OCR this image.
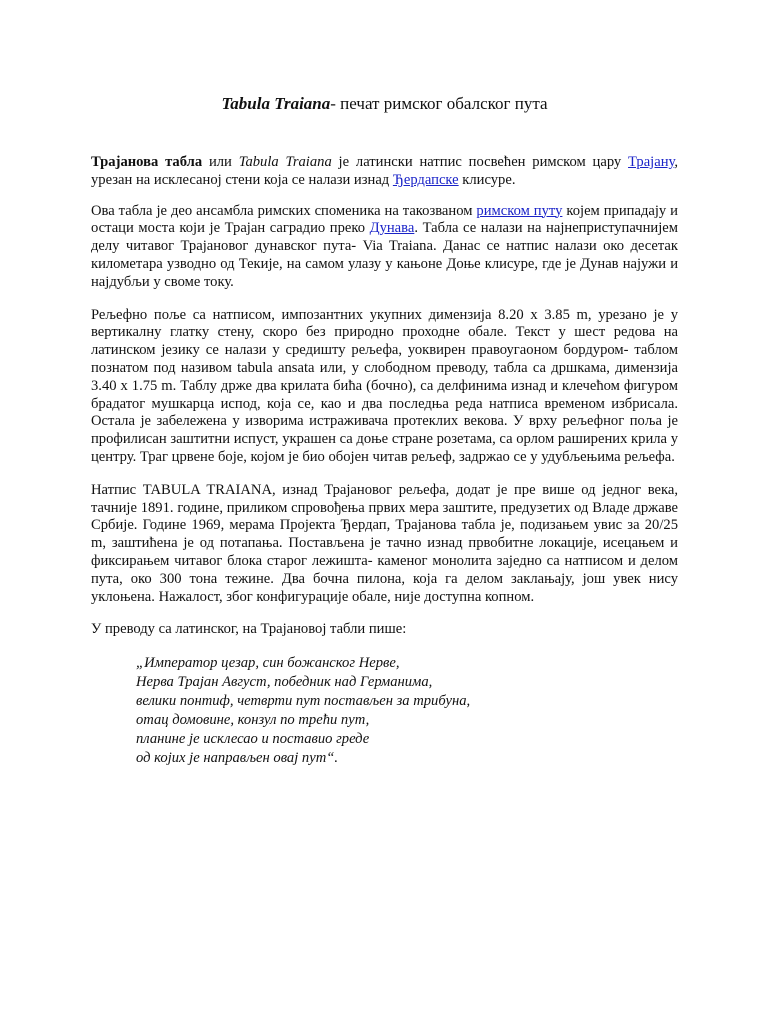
Tabula Traiana- печат римског обалског пута

Трајанова табла или Tabula Traiana је латински натпис посвећен римском цару Трајану, урезан на исклесаној стени која се налази изнад Ђердапске клисуре.

Ова табла је део ансамбла римских споменика на такозваном римском путу којем припадају и остаци моста који је Трајан саградио преко Дунава. Табла се налази на најнеприступачнијем делу читавог Трајановог дунавског пута- Via Traiana. Данас се натпис налази око десетак километара узводно од Текије, на самом улазу у кањоне Доње клисуре, где је Дунав најужи и најдубљи у своме току.

Рељефно поље са натписом, импозантних укупних димензија 8.20 x 3.85 m, урезано је у вертикалну глатку стену, скоро без природно проходне обале. Текст у шест редова на латинском језику се налази у средишту рељефа, уоквирен правоугаоном бордуром- таблом познатом под називом tabula ansata или, у слободном преводу, табла са дршкама, димензија 3.40 x 1.75 m. Таблу држе два крилата бића (бочно), са делфинима изнад и клечећом фигуром брадатог мушкарца испод, која се, као и два последња реда натписа временом избрисала. Остала је забележена у изворима истраживача протеклих векова. У врху рељефног поља је профилисан заштитни испуст, украшен са доње стране розетама, са орлом раширених крила у центру. Траг црвене боје, којом је био обојен читав рељеф, задржао се у удубљењима рељефа.

Натпис TABULA TRAIANA, изнад Трајановог рељефа, додат је пре више од једног века, тачније 1891. године, приликом спровођења првих мера заштите, предузетих од Владе државе Србије. Године 1969, мерама Пројекта Ђердап, Трајанова табла је, подизањем увис за 20/25 m, заштићена је од потапања. Постављена је тачно изнад првобитне локације, исецањем и фиксирањем читавог блока старог лежишта- каменог монолита заједно са натписом и делом пута, око 300 тона тежине. Два бочна пилона, која га делом заклањају, још увек нису уклоњена. Нажалост, због конфигурације обале, није доступна копном.

У преводу са латинског, на Трајановој табли пише:

„Император цезар, син божанског Нерве,
Нерва Трајан Август, победник над Германима,
велики понтиф, четврти пут постављен за трибуна,
отац домовине, конзул по трећи пут,
планине је исклесао и поставио греде
од којих је направљен овај пут“.
